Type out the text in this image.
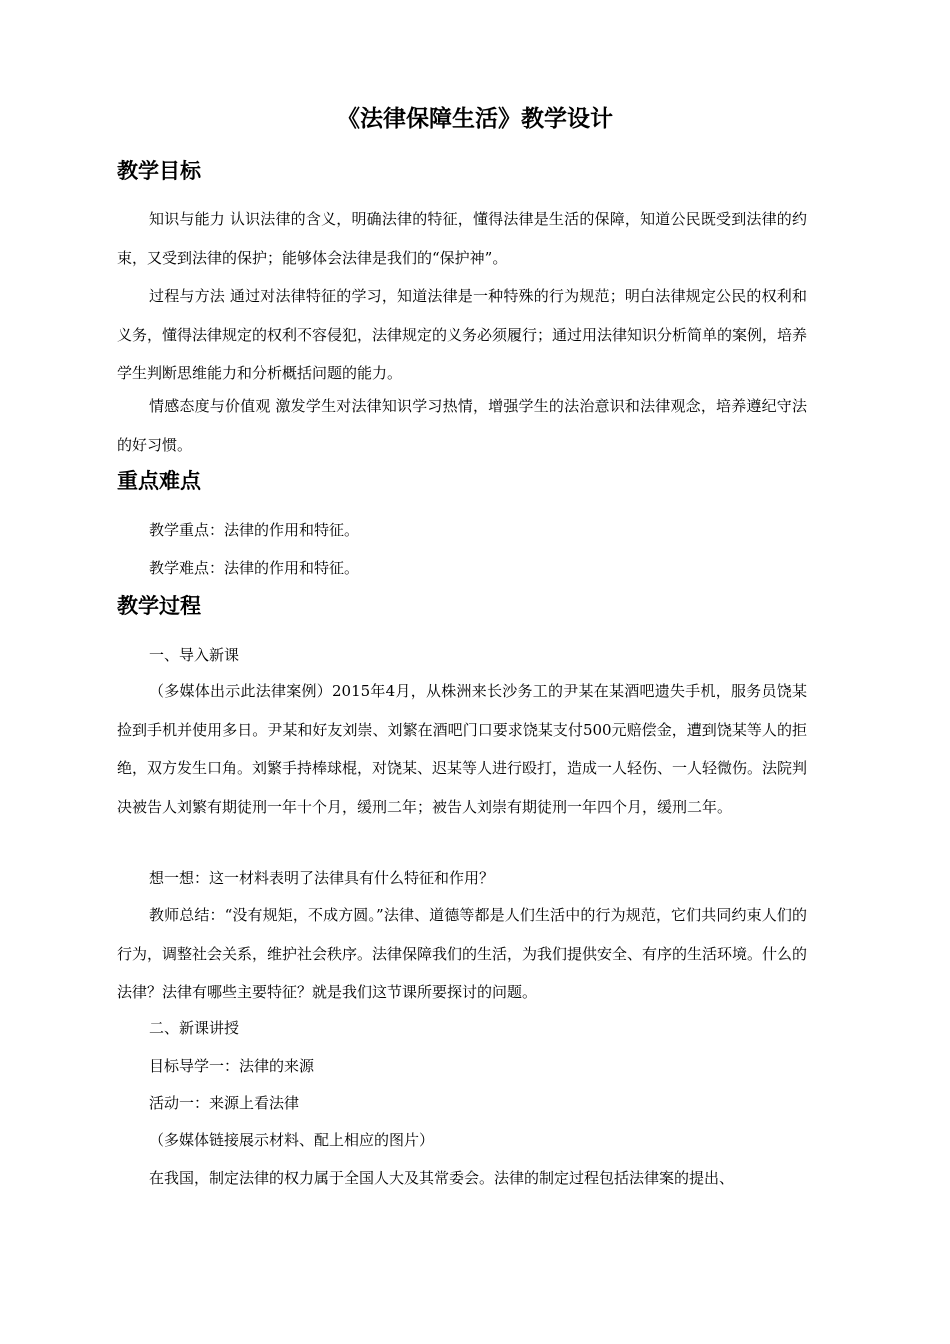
《法律保障生活》教学设计
教学目标

知识与能力 认识法律的含义，明确法律的特征，懂得法律是生活的保障，知道公民既受到法律的约束，又受到法律的保护；能够体会法律是我们的“保护神”。

过程与方法 通过对法律特征的学习，知道法律是一种特殊的行为规范；明白法律规定公民的权利和义务，懂得法律规定的权利不容侵犯，法律规定的义务必须履行；通过用法律知识分析简单的案例，培养学生判断思维能力和分析概括问题的能力。

情感态度与价值观 激发学生对法律知识学习热情，增强学生的法治意识和法律观念，培养遵纪守法的好习惯。

重点难点

教学重点：法律的作用和特征。

教学难点：法律的作用和特征。

教学过程

一、导入新课

（多媒体出示此法律案例）2015年4月，从株洲来长沙务工的尹某在某酒吧遗失手机，服务员饶某捡到手机并使用多日。尹某和好友刘崇、刘繁在酒吧门口要求饶某支付500元赔偿金，遭到饶某等人的拒绝，双方发生口角。刘繁手持棒球棍，对饶某、迟某等人进行殴打，造成一人轻伤、一人轻微伤。法院判决被告人刘繁有期徒刑一年十个月，缓刑二年；被告人刘崇有期徒刑一年四个月，缓刑二年。

想一想：这一材料表明了法律具有什么特征和作用？

教师总结：“没有规矩，不成方圆。”法律、道德等都是人们生活中的行为规范，它们共同约束人们的行为，调整社会关系，维护社会秩序。法律保障我们的生活，为我们提供安全、有序的生活环境。什么的法律？法律有哪些主要特征？就是我们这节课所要探讨的问题。

二、新课讲授

目标导学一：法律的来源

活动一：来源上看法律

（多媒体链接展示材料、配上相应的图片）

在我国，制定法律的权力属于全国人大及其常委会。法律的制定过程包括法律案的提出、
